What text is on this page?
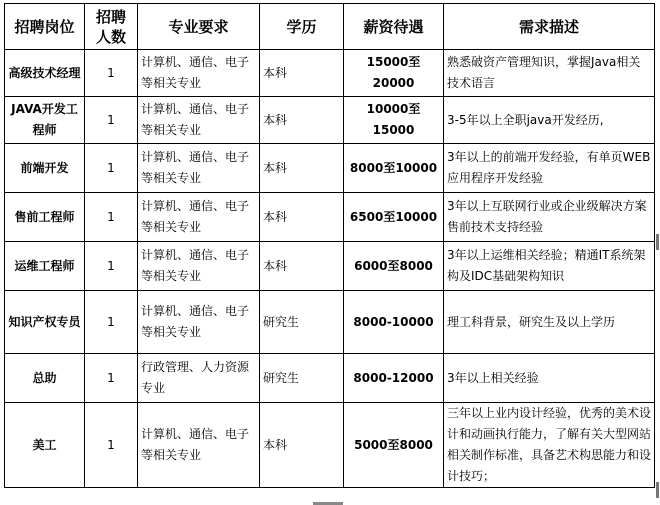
招聘岗位	招聘人数	专业要求	学历	薪资待遇	需求描述
高级技术经理	1	计算机、通信、电子等相关专业	本科	15000至20000	熟悉破资产管理知识，掌握Java相关技术语言
JAVA开发工程师	1	计算机、通信、电子等相关专业	本科	10000至15000	3-5年以上全职java开发经历,
前端开发	1	计算机、通信、电子等相关专业	本科	8000至10000	3年以上的前端开发经验，有单页WEB应用程序开发经验
售前工程师	1	计算机、通信、电子等相关专业	本科	6500至10000	3年以上互联网行业或企业级解决方案售前技术支持经验
运维工程师	1	计算机、通信、电子等相关专业	本科	6000至8000	3年以上运维相关经验；精通IT系统架构及IDC基础架构知识
知识产权专员	1	计算机、通信、电子等相关专业	研究生	8000-10000	理工科背景，研究生及以上学历
总助	1	行政管理、人力资源专业	研究生	8000-12000	3年以上相关经验
美工	1	计算机、通信、电子等相关专业	本科	5000至8000	三年以上业内设计经验，优秀的美术设计和动画执行能力，了解有关大型网站相关制作标准，具备艺术构思能力和设计技巧；
